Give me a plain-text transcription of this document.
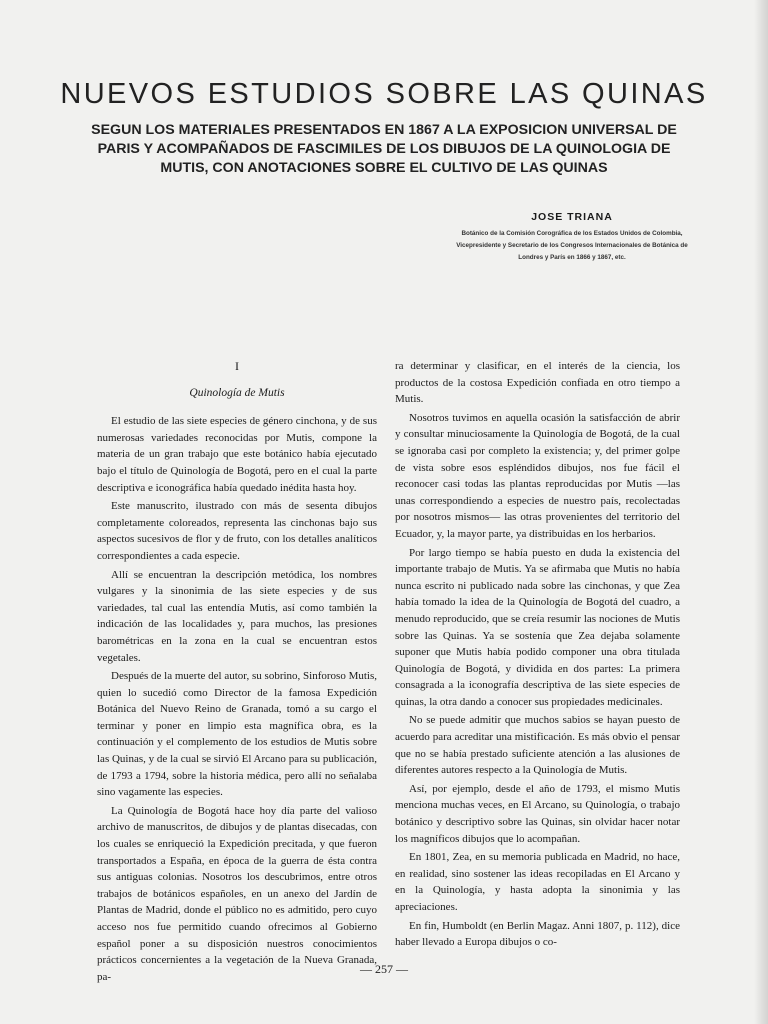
NUEVOS ESTUDIOS SOBRE LAS QUINAS
SEGUN LOS MATERIALES PRESENTADOS EN 1867 A LA EXPOSICION UNIVERSAL DE PARIS Y ACOMPAÑADOS DE FASCIMILES DE LOS DIBUJOS DE LA QUINOLOGIA DE MUTIS, CON ANOTACIONES SOBRE EL CULTIVO DE LAS QUINAS
JOSE TRIANA
Botánico de la Comisión Corográfica de los Estados Unidos de Colombia, Vicepresidente y Secretario de los Congresos Internacionales de Botánica de Londres y París en 1866 y 1867, etc.
I
Quinología de Mutis

El estudio de las siete especies de género cinchona, y de sus numerosas variedades reconocidas por Mutis, compone la materia de un gran trabajo que este botánico había ejecutado bajo el título de Quinología de Bogotá, pero en el cual la parte descriptiva e iconográfica había quedado inédita hasta hoy.

Este manuscrito, ilustrado con más de sesenta dibujos completamente coloreados, representa las cinchonas bajo sus aspectos sucesivos de flor y de fruto, con los detalles analíticos correspondientes a cada especie.

Allí se encuentran la descripción metódica, los nombres vulgares y la sinonimia de las siete especies y de sus variedades, tal cual las entendía Mutis, así como también la indicación de las localidades y, para muchos, las presiones barométricas en la zona en la cual se encuentran estos vegetales.

Después de la muerte del autor, su sobrino, Sinforoso Mutis, quien lo sucedió como Director de la famosa Expedición Botánica del Nuevo Reino de Granada, tomó a su cargo el terminar y poner en limpio esta magnífica obra, es la continuación y el complemento de los estudios de Mutis sobre las Quinas, y de la cual se sirvió El Arcano para su publicación, de 1793 a 1794, sobre la historia médica, pero allí no señalaba sino vagamente las especies.

La Quinología de Bogotá hace hoy día parte del valioso archivo de manuscritos, de dibujos y de plantas disecadas, con los cuales se enriqueció la Expedición precitada, y que fueron transportados a España, en época de la guerra de ésta contra sus antiguas colonias. Nosotros los descubrimos, entre otros trabajos de botánicos españoles, en un anexo del Jardín de Plantas de Madrid, donde el público no es admitido, pero cuyo acceso nos fue permitido cuando ofrecimos al Gobierno español poner a su disposición nuestros conocimientos prácticos concernientes a la vegetación de la Nueva Granada, pa-

ra determinar y clasificar, en el interés de la ciencia, los productos de la costosa Expedición confiada en otro tiempo a Mutis.

Nosotros tuvimos en aquella ocasión la satisfacción de abrir y consultar minuciosamente la Quinología de Bogotá, de la cual se ignoraba casi por completo la existencia; y, del primer golpe de vista sobre esos espléndidos dibujos, nos fue fácil el reconocer casi todas las plantas reproducidas por Mutis —las unas correspondiendo a especies de nuestro país, recolectadas por nosotros mismos— las otras provenientes del territorio del Ecuador, y, la mayor parte, ya distribuidas en los herbarios.

Por largo tiempo se había puesto en duda la existencia del importante trabajo de Mutis. Ya se afirmaba que Mutis no había nunca escrito ni publicado nada sobre las cinchonas, y que Zea había tomado la idea de la Quinología de Bogotá del cuadro, a menudo reproducido, que se creía resumir las nociones de Mutis sobre las Quinas. Ya se sostenía que Zea dejaba solamente suponer que Mutis había podido componer una obra titulada Quinología de Bogotá, y dividida en dos partes: La primera consagrada a la iconografía descriptiva de las siete especies de quinas, la otra dando a conocer sus propiedades medicinales.

No se puede admitir que muchos sabios se hayan puesto de acuerdo para acreditar una mistificación. Es más obvio el pensar que no se había prestado suficiente atención a las alusiones de diferentes autores respecto a la Quinología de Mutis.

Así, por ejemplo, desde el año de 1793, el mismo Mutis menciona muchas veces, en El Arcano, su Quinología, o trabajo botánico y descriptivo sobre las Quinas, sin olvidar hacer notar los magníficos dibujos que lo acompañan.

En 1801, Zea, en su memoria publicada en Madrid, no hace, en realidad, sino sostener las ideas recopiladas en El Arcano y en la Quinología, y hasta adopta la sinonimia y las apreciaciones.

En fin, Humboldt (en Berlin Magaz. Anni 1807, p. 112), dice haber llevado a Europa dibujos o co-

— 257 —
